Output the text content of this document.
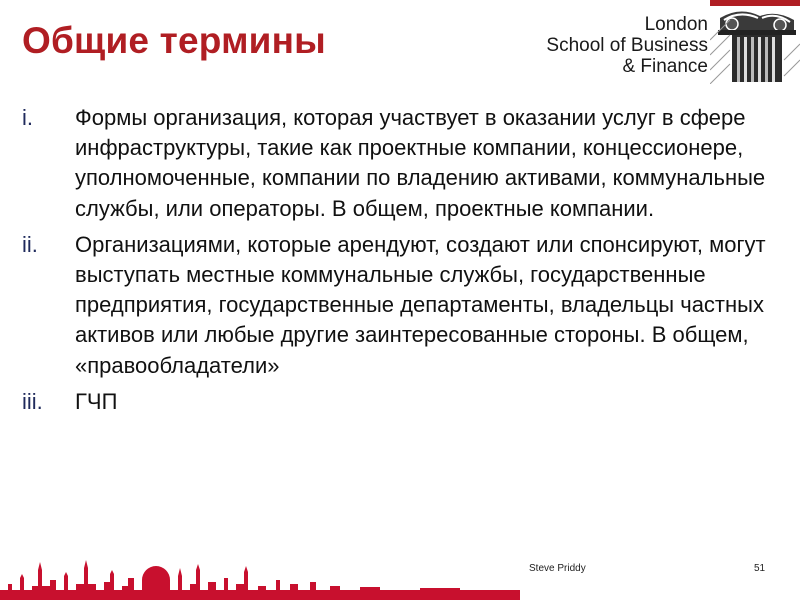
Общие термины	London
School of Business
& Finance
i.	Формы организация, которая участвует в оказании услуг в сфере инфраструктуры, такие как проектные компании, концессионере, уполномоченные, компании по владению активами, коммунальные службы, или операторы. В общем, проектные компании.
ii.	Организациями, которые арендуют, создают или спонсируют, могут выступать местные коммунальные службы, государственные предприятия, государственные департаменты, владельцы частных активов или любые другие заинтересованные стороны. В общем, «правообладатели»
iii.	ГЧП
Steve Priddy	51
